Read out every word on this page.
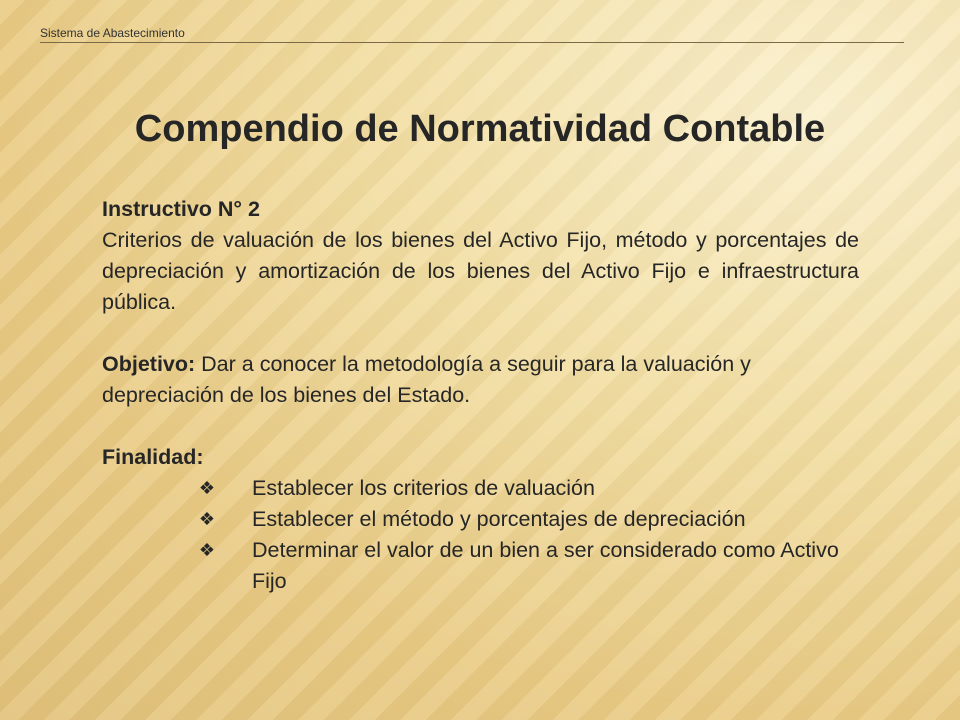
Sistema de Abastecimiento
Compendio de Normatividad Contable
Instructivo N° 2
Criterios de valuación de los bienes del Activo Fijo, método y porcentajes de depreciación y amortización de los bienes del Activo Fijo e infraestructura pública.
Objetivo: Dar a conocer la metodología a seguir para la valuación y depreciación de los bienes del Estado.
Finalidad:
❖ Establecer los criterios de valuación
❖ Establecer el método y porcentajes de depreciación
❖ Determinar el valor de un bien a ser considerado como Activo Fijo
